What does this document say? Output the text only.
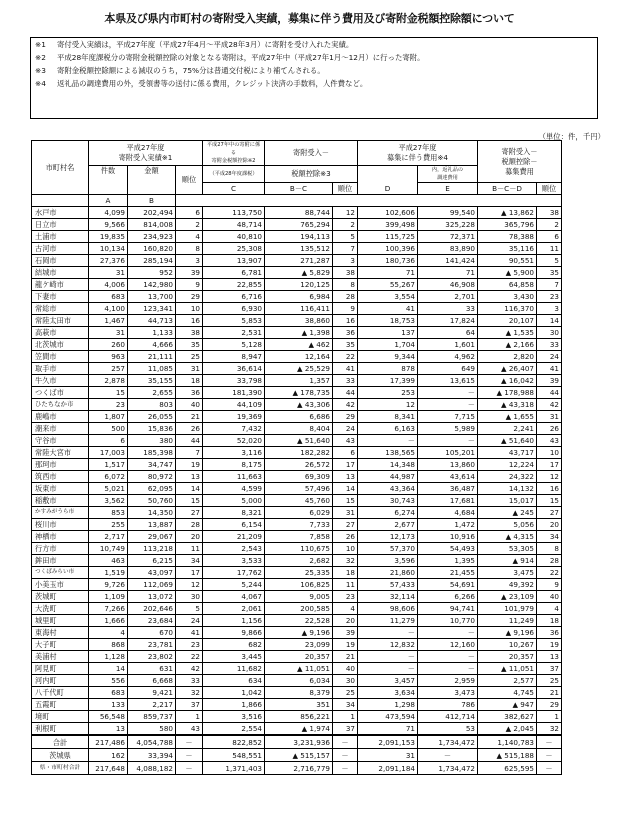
本県及び県内市町村の寄附受入実績，募集に伴う費用及び寄附金税額控除額について
※1 寄付受入実績は，平成27年度（平成27年4月～平成28年3月）に寄附を受け入れた実績。
※2 平成28年度課税分の寄附金税額控除の対象となる寄附は，平成27年中（平成27年1月～12月）に行った寄附。
※3 寄附金税額控除額による減収のうち，75%分は普通交付税により補てんされる。
※4 返礼品の調達費用の外，受領書等の送付に係る費用，クレジット決済の手数料，人件費など。
（単位：件，千円）
市町村名	平成27年度
寄附受入実績※1			平成27年中の寄附に係る
寄附金税額控除※2	寄附受入－		平成27年度
募集に伴う費用※4		寄附受入－
税額控除－
募集費用	
	件数	金額	順位	（平成28年度課税）	税額控除※3		D	内，返礼品の
調達費用		
				C	B－C	順位		E	B－C－D	順位
	A	B								
水戸市	4,099	202,494	6	113,750	88,744	12	102,606	99,540	▲ 13,862	38
日立市	9,566	814,008	2	48,714	765,294	2	399,498	325,228	365,796	2
土浦市	19,835	234,923	4	40,810	194,113	5	115,725	72,371	78,388	6
古河市	10,134	160,820	8	25,308	135,512	7	100,396	83,890	35,116	11
石岡市	27,376	285,194	3	13,907	271,287	3	180,736	141,424	90,551	5
結城市	31	952	39	6,781	▲ 5,829	38	71	71	▲ 5,900	35
龍ケ崎市	4,006	142,980	9	22,855	120,125	8	55,267	46,908	64,858	7
下妻市	683	13,700	29	6,716	6,984	28	3,554	2,701	3,430	23
常総市	4,100	123,341	10	6,930	116,411	9	41	33	116,370	3
常陸太田市	1,467	44,713	16	5,853	38,860	16	18,753	17,824	20,107	14
高萩市	31	1,133	38	2,531	▲ 1,398	36	137	64	▲ 1,535	30
北茨城市	260	4,666	35	5,128	▲ 462	35	1,704	1,601	▲ 2,166	33
笠間市	963	21,111	25	8,947	12,164	22	9,344	4,962	2,820	24
取手市	257	11,085	31	36,614	▲ 25,529	41	878	649	▲ 26,407	41
牛久市	2,878	35,155	18	33,798	1,357	33	17,399	13,615	▲ 16,042	39
つくば市	15	2,655	36	181,390	▲ 178,735	44	253	－	▲ 178,988	44
ひたちなか市	23	803	40	44,109	▲ 43,306	42	12	－	▲ 43,318	42
鹿嶋市	1,807	26,055	21	19,369	6,686	29	8,341	7,715	▲ 1,655	31
潮来市	500	15,836	26	7,432	8,404	24	6,163	5,989	2,241	26
守谷市	6	380	44	52,020	▲ 51,640	43	－	－	▲ 51,640	43
常陸大宮市	17,003	185,398	7	3,116	182,282	6	138,565	105,201	43,717	10
那珂市	1,517	34,747	19	8,175	26,572	17	14,348	13,860	12,224	17
筑西市	6,072	80,972	13	11,663	69,309	13	44,987	43,614	24,322	12
坂東市	5,021	62,095	14	4,599	57,496	14	43,364	36,487	14,132	16
稲敷市	3,562	50,760	15	5,000	45,760	15	30,743	17,681	15,017	15
かすみがうら市	853	14,350	27	8,321	6,029	31	6,274	4,684	▲ 245	27
桜川市	255	13,887	28	6,154	7,733	27	2,677	1,472	5,056	20
神栖市	2,717	29,067	20	21,209	7,858	26	12,173	10,916	▲ 4,315	34
行方市	10,749	113,218	11	2,543	110,675	10	57,370	54,493	53,305	8
鉾田市	463	6,215	34	3,533	2,682	32	3,596	1,395	▲ 914	28
つくばみらい市	1,519	43,097	17	17,762	25,335	18	21,860	21,455	3,475	22
小美玉市	9,726	112,069	12	5,244	106,825	11	57,433	54,691	49,392	9
茨城町	1,109	13,072	30	4,067	9,005	23	32,114	6,266	▲ 23,109	40
大洗町	7,266	202,646	5	2,061	200,585	4	98,606	94,741	101,979	4
城里町	1,666	23,684	24	1,156	22,528	20	11,279	10,770	11,249	18
東海村	4	670	41	9,866	▲ 9,196	39	－	－	▲ 9,196	36
大子町	868	23,781	23	682	23,099	19	12,832	12,160	10,267	19
美浦村	1,128	23,802	22	3,445	20,357	21	－	－	20,357	13
阿見町	14	631	42	11,682	▲ 11,051	40	－	－	▲ 11,051	37
河内町	556	6,668	33	634	6,034	30	3,457	2,959	2,577	25
八千代町	683	9,421	32	1,042	8,379	25	3,634	3,473	4,745	21
五霞町	133	2,217	37	1,866	351	34	1,298	786	▲ 947	29
境町	56,548	859,737	1	3,516	856,221	1	473,594	412,714	382,627	1
利根町	13	580	43	2,554	▲ 1,974	37	71	53	▲ 2,045	32
合計	217,486	4,054,788	－	822,852	3,231,936	－	2,091,153	1,734,472	1,140,783	－
茨城県	162	33,394	－	548,551	▲ 515,157	－	31	－	▲ 515,188	－
県・市町村合計	217,648	4,088,182	－	1,371,403	2,716,779	－	2,091,184	1,734,472	625,595	－
